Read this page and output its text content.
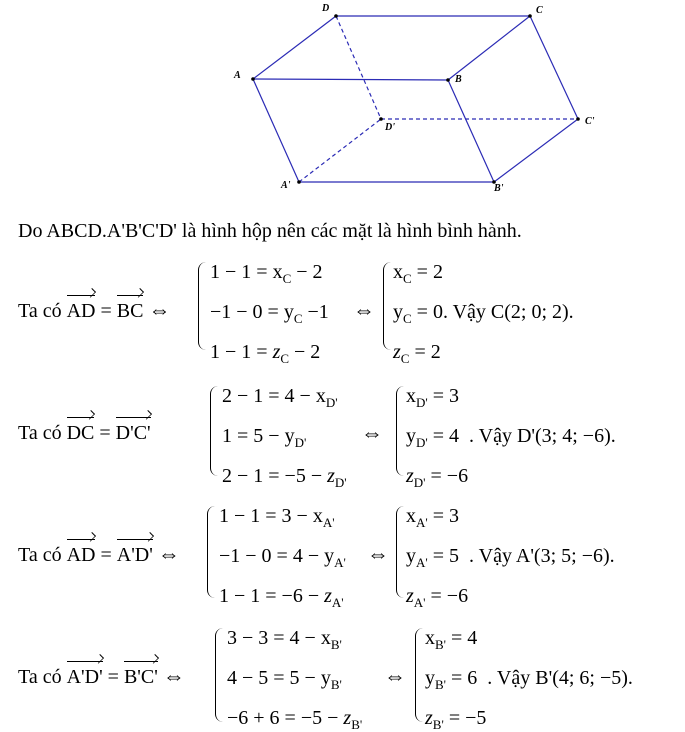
D	C
A	B
D'
C'
A'	B'
Do ABCD.A'B'C'D' là hình hộp nên các mặt là hình bình hành.
Ta có AD = BC ⇔
$1 - 1 = x_C - 2$
$-1 - 0 = y_C -1$
$1 - 1 = z_C - 2$
⇔
$x_C = 2$
$y_C = 0$. Vậy C(2; 0; 2).
$z_C = 2$
Ta có DC = D'C'
$2 - 1 = 4 - x_{D'}$
$1 = 5 - y_{D'}$
$2 - 1 = -5 - z_{D'}$
⇔
$x_{D'} = 3$
$y_{D'} = 4$ . Vậy D'(3; 4; −6).
$z_{D'} = -6$
Ta có AD = A'D' ⇔
$1 - 1 = 3 - x_{A'}$
$-1 - 0 = 4 - y_{A'}$
$1 - 1 = -6 - z_{A'}$
⇔
$x_{A'} = 3$
$y_{A'} = 5$ . Vậy A'(3; 5; −6).
$z_{A'} = -6$
Ta có A'D' = B'C' ⇔
$3 - 3 = 4 - x_{B'}$
$4 - 5 = 5 - y_{B'}$
$-6 + 6 = -5 - z_{B'}$
⇔
$x_{B'} = 4$
$y_{B'} = 6$ . Vậy B'(4; 6; −5).
$z_{B'} = -5$
